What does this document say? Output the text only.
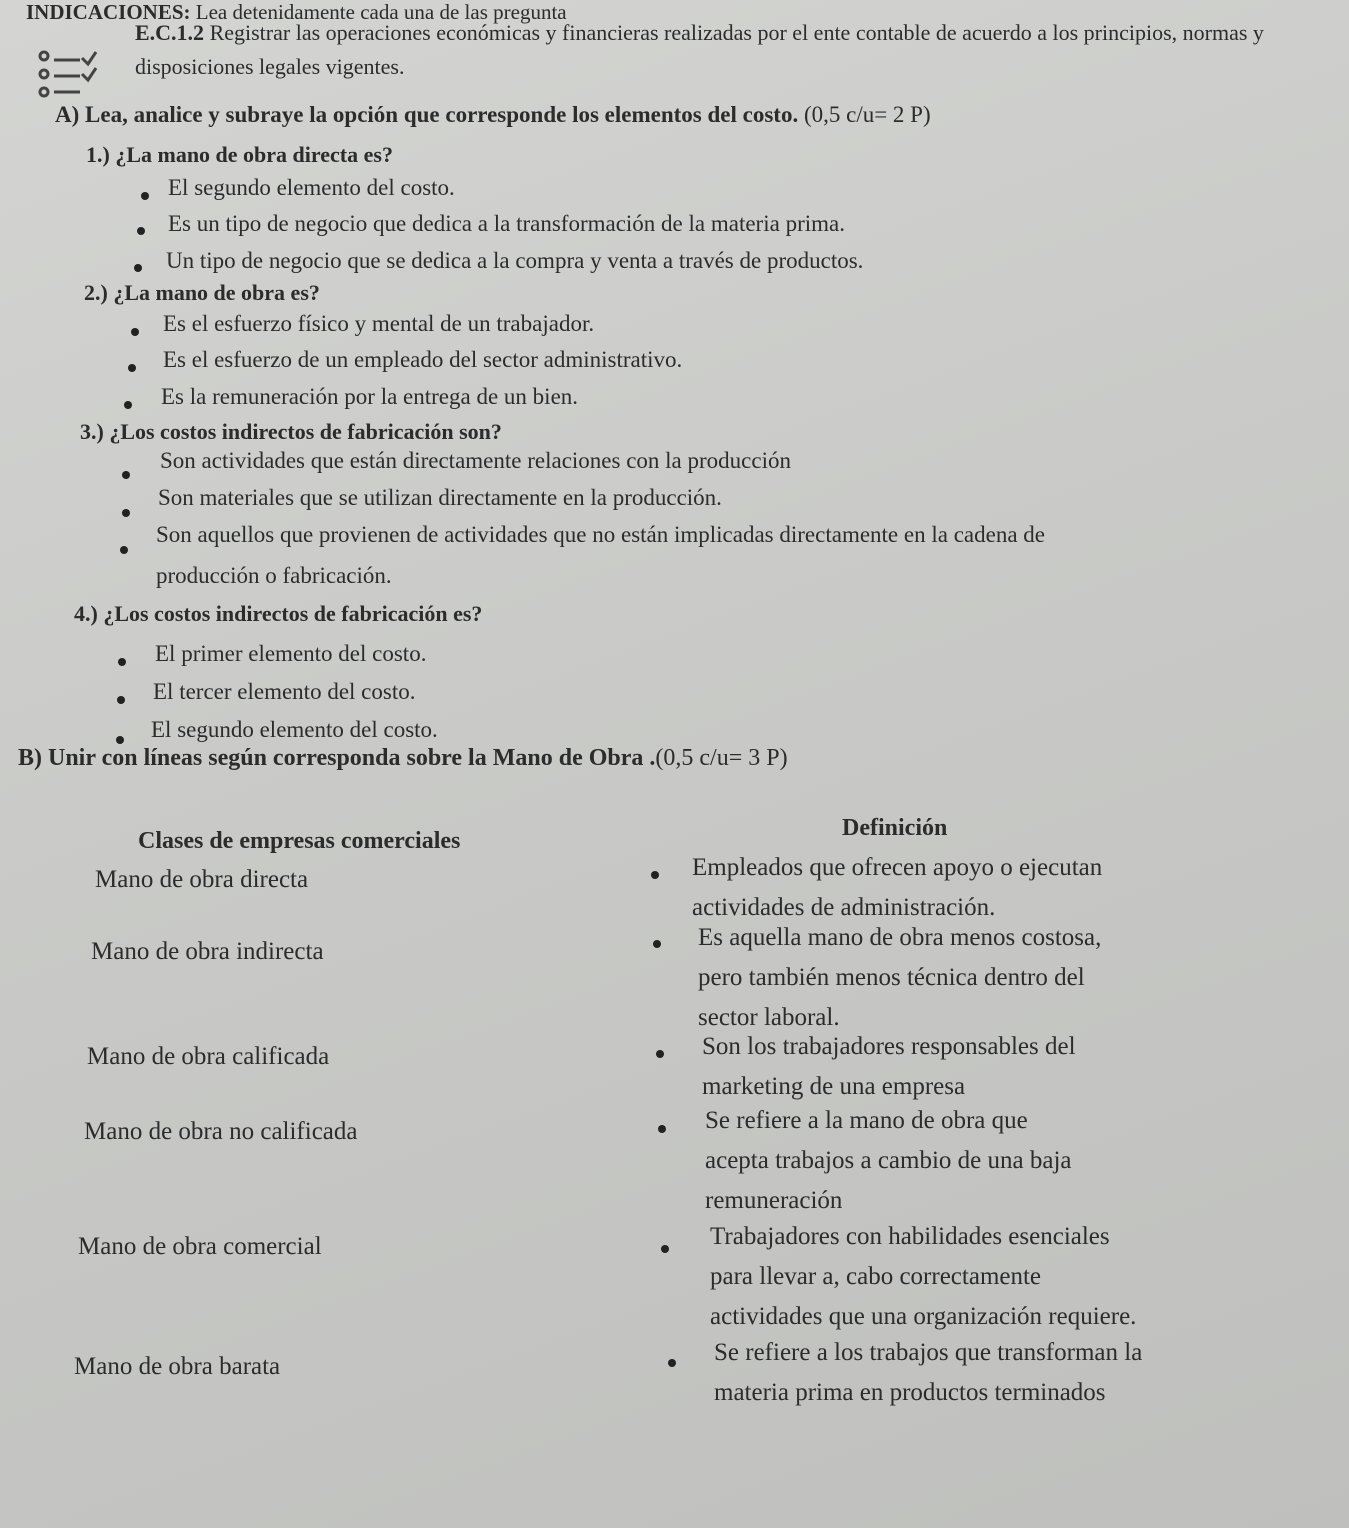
INDICACIONES: Lea detenidamente cada una de las pregunta
E.C.1.2 Registrar las operaciones económicas y financieras realizadas por el ente contable de acuerdo a los principios, normas y disposiciones legales vigentes.
A) Lea, analice y subraye la opción que corresponde los elementos del costo. (0,5 c/u= 2 P)
1.) ¿La mano de obra directa es?
El segundo elemento del costo.
Es un tipo de negocio que dedica a la transformación de la materia prima.
Un tipo de negocio que se dedica a la compra y venta a través de productos.
2.) ¿La mano de obra es?
Es el esfuerzo físico y mental de un trabajador.
Es el esfuerzo de un empleado del sector administrativo.
Es la remuneración por la entrega de un bien.
3.) ¿Los costos indirectos de fabricación son?
Son actividades que están directamente relaciones con la producción
Son materiales que se utilizan directamente en la producción.
Son aquellos que provienen de actividades que no están implicadas directamente en la cadena de
producción o fabricación.
4.) ¿Los costos indirectos de fabricación es?
El primer elemento del costo.
El tercer elemento del costo.
El segundo elemento del costo.
B) Unir con líneas según corresponda sobre la Mano de Obra .(0,5 c/u= 3 P)
Clases de empresas comerciales	Definición
Mano de obra directa
Mano de obra indirecta
Mano de obra calificada
Mano de obra no calificada
Mano de obra comercial
Mano de obra barata
Empleados que ofrecen apoyo o ejecutan
actividades de administración.
Es aquella mano de obra menos costosa,
pero también menos técnica dentro del
sector laboral.
Son los trabajadores responsables del
marketing de una empresa
Se refiere a la mano de obra que
acepta trabajos a cambio de una baja
remuneración
Trabajadores con habilidades esenciales
para llevar a, cabo correctamente
actividades que una organización requiere.
Se refiere a los trabajos que transforman la
materia prima en productos terminados
